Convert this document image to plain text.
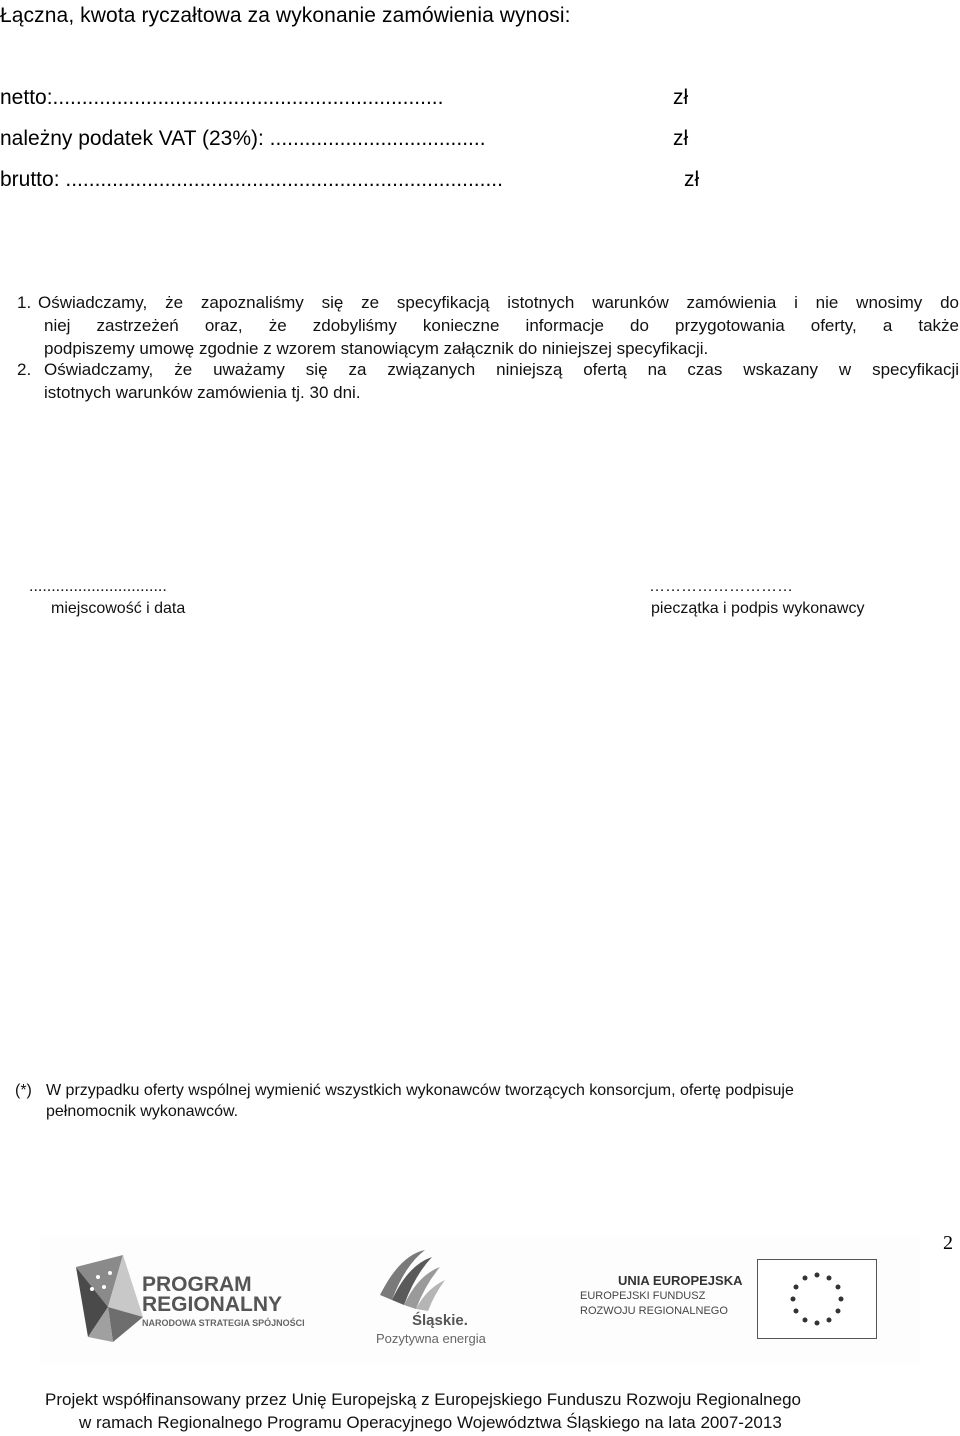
Łączna, kwota ryczałtowa za wykonanie zamówienia wynosi:
netto:...................................................................	zł
należny podatek VAT (23%): .....................................	zł
brutto: ...........................................................................	zł
1. Oświadczamy, że zapoznaliśmy się ze specyfikacją istotnych warunków zamówienia i nie wnosimy do
niej zastrzeżeń oraz, że zdobyliśmy konieczne informacje do przygotowania oferty, a także
podpiszemy umowę zgodnie z wzorem stanowiącym załącznik do niniejszej specyfikacji.
2. Oświadczamy, że uważamy się za związanych niniejszą ofertą na czas wskazany w specyfikacji
istotnych warunków zamówienia tj. 30 dni.
...............................
miejscowość i data
………………………
pieczątka i podpis wykonawcy
(*) W przypadku oferty wspólnej wymienić wszystkich wykonawców tworzących konsorcjum, ofertę podpisuje
pełnomocnik wykonawców.
2
PROGRAM
REGIONALNY
NARODOWA STRATEGIA SPÓJNOŚCI	Śląskie.
Pozytywna energia
UNIA EUROPEJSKA
EUROPEJSKI FUNDUSZ
ROZWOJU REGIONALNEGO
Projekt współfinansowany przez Unię Europejską z Europejskiego Funduszu Rozwoju Regionalnego
w ramach Regionalnego Programu Operacyjnego Województwa Śląskiego na lata 2007-2013
